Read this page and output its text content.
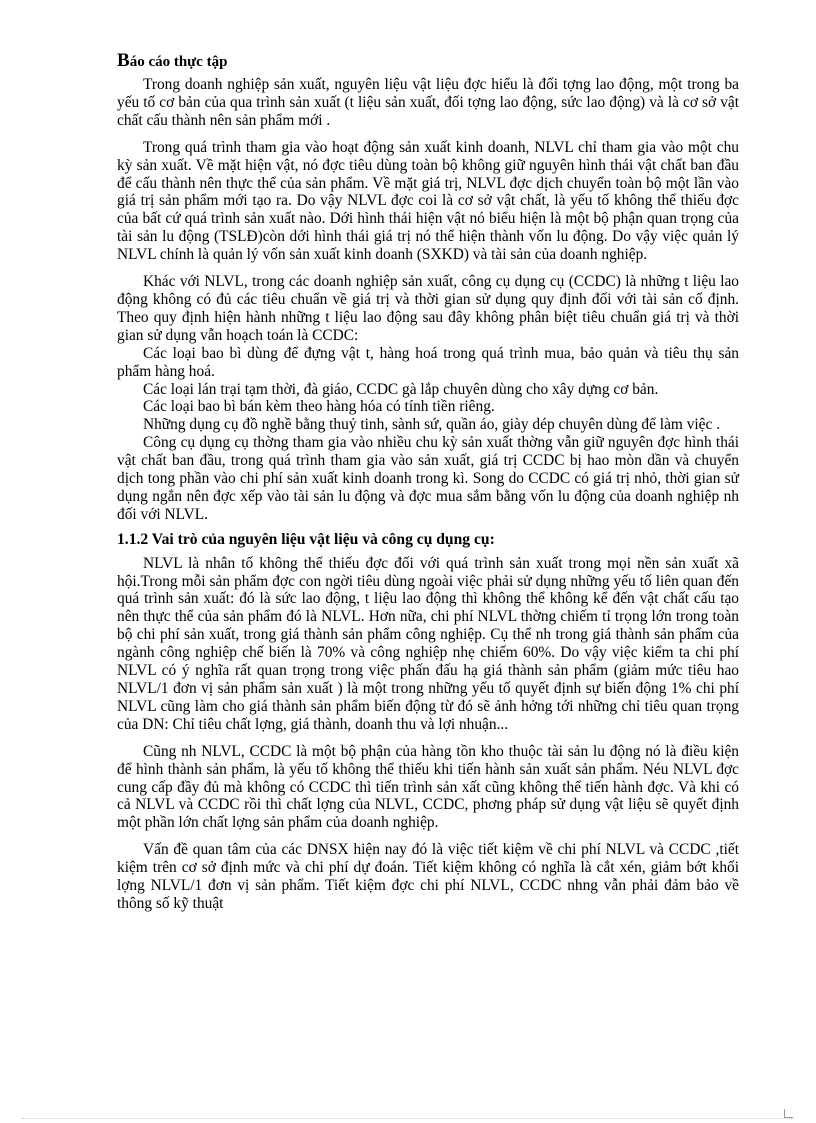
Báo cáo thực tập

Trong doanh nghiệp sản xuất, nguyên liệu vật liệu đợc hiểu là đối tợng lao động, một trong ba yếu tố cơ bản của qua trình sản xuất (t liệu sản xuất, đối tợng lao động, sức lao động) và là cơ sở vật chất cấu thành nên sản phẩm mới .

Trong quá trình tham gia vào hoạt động sản xuất kinh doanh, NLVL chỉ tham gia vào một chu kỳ sản xuất. Về mặt hiện vật, nó đợc tiêu dùng toàn bộ không giữ nguyên hình thái vật chất ban đầu để cấu thành nên thực thể của sản phẩm. Về mặt giá trị, NLVL đợc dịch chuyển toàn bộ một lần vào giá trị sản phẩm mới tạo ra. Do vậy NLVL đợc coi là cơ sở vật chất, là yếu tố không thể thiếu đợc của bất cứ quá trình sản xuất nào. Dới hình thái hiện vật nó biểu hiện là một bộ phận quan trọng của tài sản lu động (TSLĐ)còn dới hình thái giá trị nó thể hiện thành vốn lu động. Do vậy việc quản lý NLVL chính là quản lý vốn sản xuất kinh doanh (SXKD) và tài sản của doanh nghiệp.

Khác với NLVL, trong các doanh nghiệp sản xuất, công cụ dụng cụ (CCDC) là những t liệu lao động không có đủ các tiêu chuẩn về giá trị và thời gian sử dụng quy định đối với tài sản cố định. Theo quy định hiện hành những t liệu lao động sau đây không phân biệt tiêu chuẩn giá trị và thời gian sử dụng vẫn hoạch toán là CCDC:

Các loại bao bì dùng để đựng vật t, hàng hoá trong quá trình mua, bảo quản và tiêu thụ sản phẩm hàng hoá.

Các loại lán trại tạm thời, đà giáo, CCDC gà lắp chuyên dùng cho xây dựng cơ bản.

Các loại bao bì bán kèm theo hàng hóa có tính tiền riêng.

Những dụng cụ đồ nghề bằng thuỷ tinh, sành sứ, quần áo, giày dép chuyên dùng để làm việc .

Công cụ dụng cụ thờng tham gia vào nhiều chu kỳ sản xuất thờng vẫn giữ nguyên đợc hình thái vật chất ban đầu, trong quá trình tham gia vào sản xuất, giá trị CCDC bị hao mòn dần và chuyển dịch tong phần vào chi phí sản xuất kinh doanh trong kì. Song do CCDC có giá trị nhỏ, thời gian sử dụng ngắn nên đợc xếp vào tài sản lu động và đợc mua sắm bằng vốn lu động của doanh nghiệp nh đối với NLVL.

1.1.2 Vai trò của nguyên liệu vật liệu và công cụ dụng cụ:

NLVL là nhân tố không thể thiếu đợc đối với quá trình sản xuất trong mọi nền sản xuất xã hội.Trong mỗi sản phẩm đợc con ngời tiêu dùng ngoài việc phải sử dụng những yếu tố liên quan đến quá trình sản xuất: đó là sức lao động, t liệu lao động thì không thể không kể đến vật chất cấu tạo nên thực thể của sản phẩm đó là NLVL. Hơn nữa, chi phí NLVL thờng chiếm tỉ trọng lớn trong toàn bộ chi phí sản xuất, trong giá thành sản phẩm công nghiệp. Cụ thể nh trong giá thành sản phẩm của ngành công nghiệp chế biến là 70% và công nghiệp nhẹ chiếm 60%. Do vậy việc kiểm ta chi phí NLVL có ý nghĩa rất quan trọng trong việc phấn đấu hạ giá thành sản phẩm (giảm mức tiêu hao NLVL/1 đơn vị sản phẩm sản xuất ) là một trong những yếu tố quyết định sự biến động 1% chi phí NLVL cũng làm cho giá thành sản phẩm biến động từ đó sẽ ảnh hởng tới những chỉ tiêu quan trọng của DN: Chỉ tiêu chất lợng, giá thành, doanh thu và lợi nhuận...

Cũng nh NLVL, CCDC là một bộ phận của hàng tồn kho thuộc tài sản lu động nó là điều kiện để hình thành sản phẩm, là yếu tố không thể thiếu khi tiến hành sản xuất sản phẩm. Néu NLVL đợc cung cấp đầy đủ mà không có CCDC thì tiến trình sản xất cũng không thể tiến hành đợc. Và khi có cả NLVL và CCDC rồi thì chất lợng của NLVL, CCDC, phơng pháp sử dụng vật liệu sẽ quyết định một phần lớn chất lợng sản phẩm của doanh nghiệp.

Vấn đề quan tâm của các DNSX hiện nay đó là việc tiết kiệm về chi phí NLVL và CCDC ,tiết kiệm trên cơ sở định mức và chi phí dự đoán. Tiết kiệm không có nghĩa là cắt xén, giảm bớt khối lợng NLVL/1 đơn vị sản phẩm. Tiết kiệm đợc chi phí NLVL, CCDC nhng vẫn phải đảm bảo về thông số kỹ thuật
